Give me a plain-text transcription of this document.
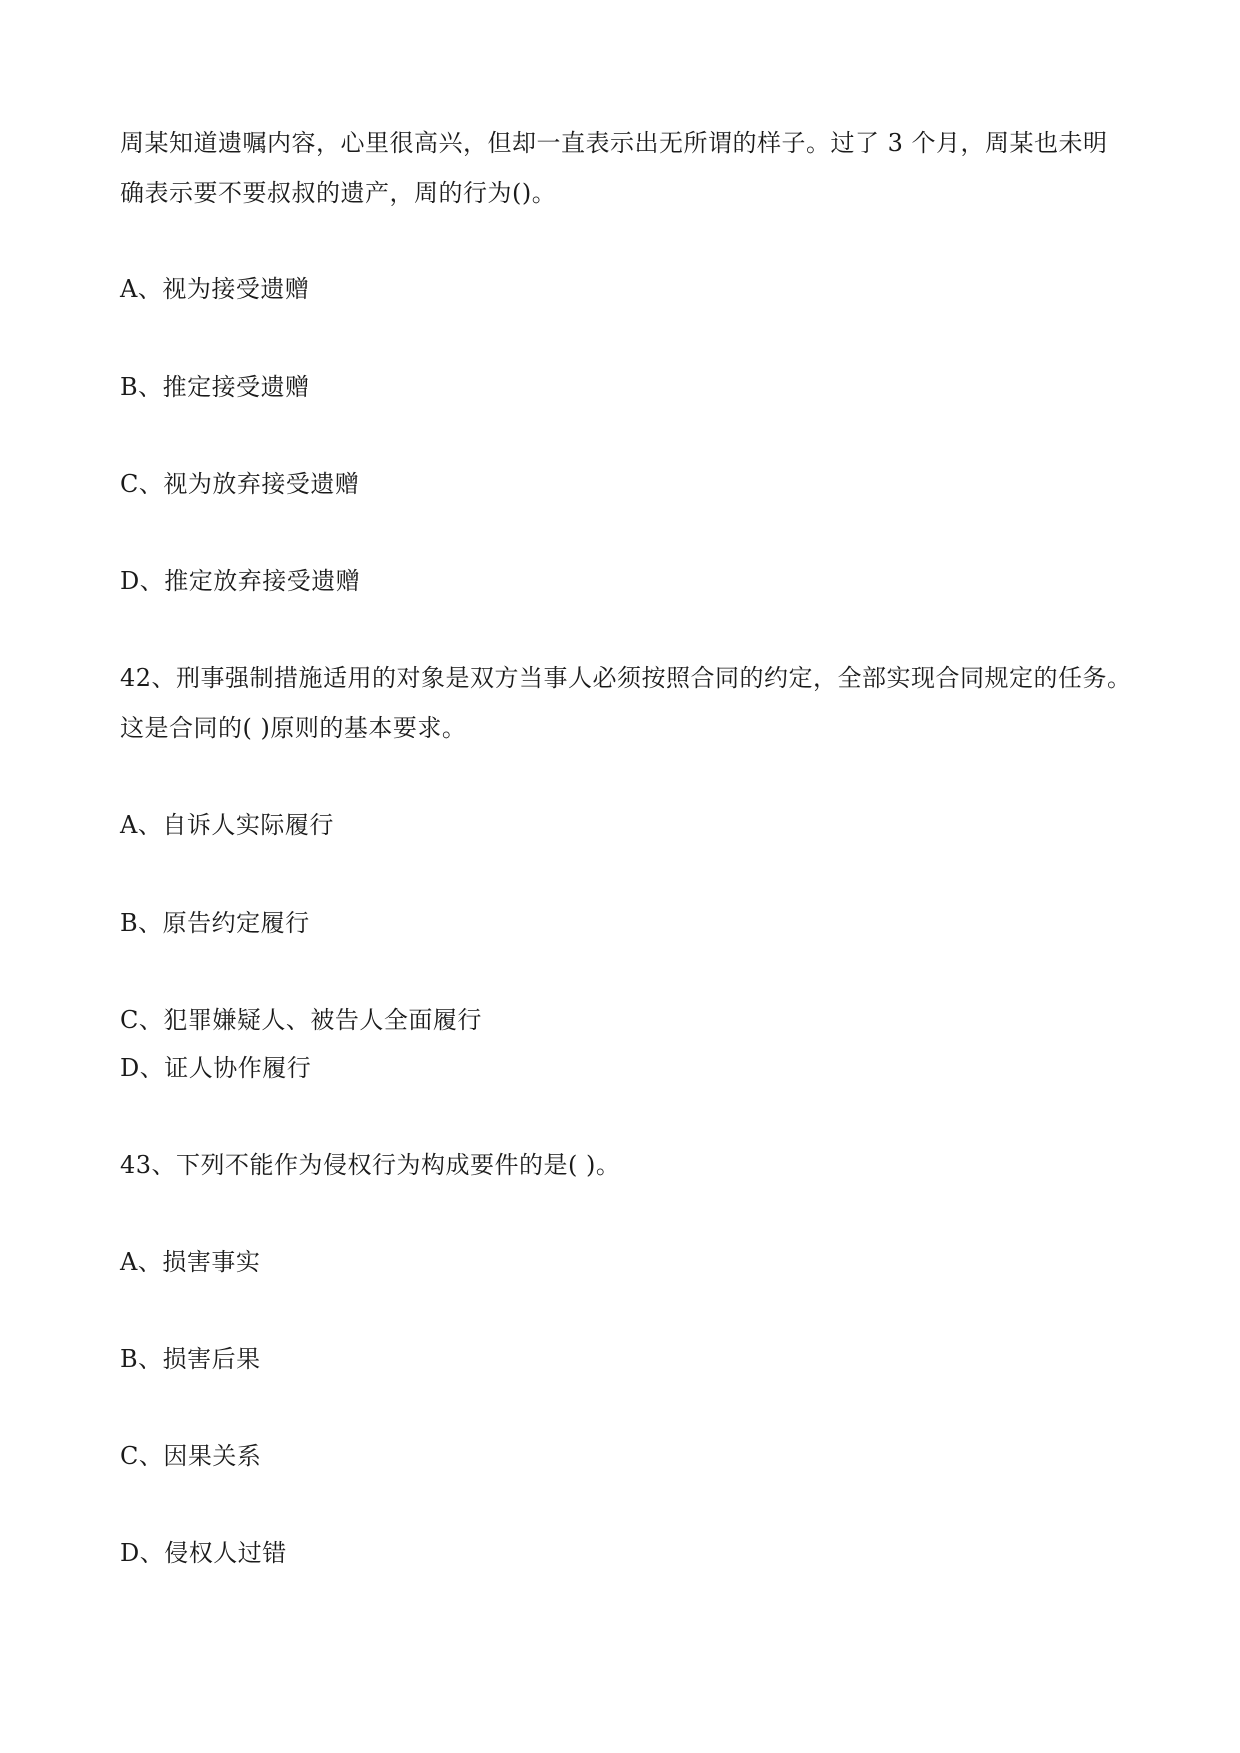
周某知道遗嘱内容，心里很高兴，但却一直表示出无所谓的样子。过了 3 个月，周某也未明
确表示要不要叔叔的遗产，周的行为()。
A、视为接受遗赠
B、推定接受遗赠
C、视为放弃接受遗赠
D、推定放弃接受遗赠
42、刑事强制措施适用的对象是双方当事人必须按照合同的约定，全部实现合同规定的任务。
这是合同的( )原则的基本要求。
A、自诉人实际履行
B、原告约定履行
C、犯罪嫌疑人、被告人全面履行
D、证人协作履行
43、下列不能作为侵权行为构成要件的是( )。
A、损害事实
B、损害后果
C、因果关系
D、侵权人过错
